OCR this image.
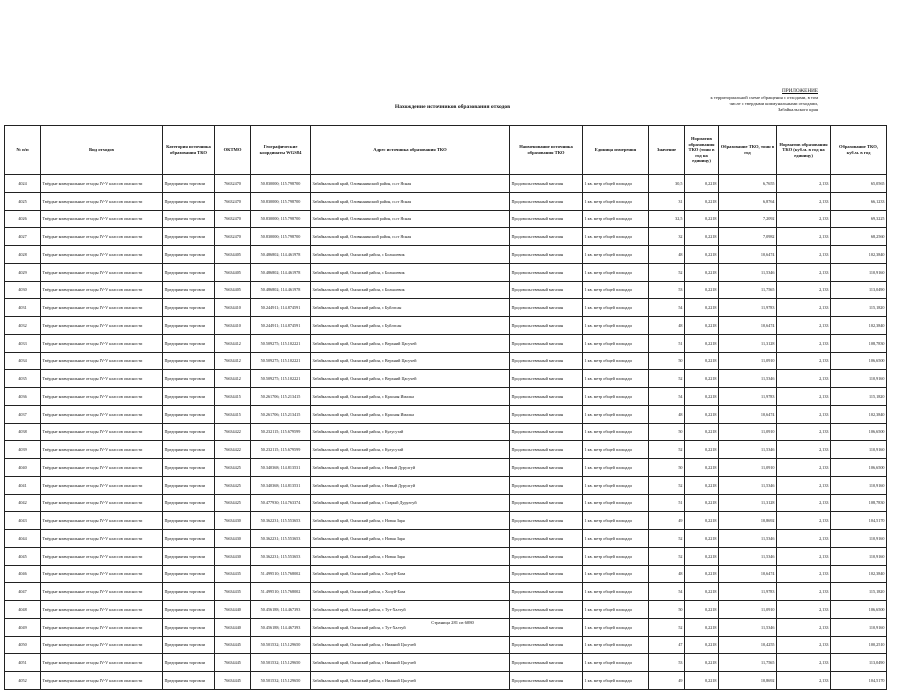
ПРИЛОЖЕНИЕ
к территориальной схеме обращения с отходами, в том
числе с твердыми коммунальными отходами,
Забайкальского края
Нахождение источников образования отходов
№ п/п	Вид отходов	Категория источника образования ТКО	ОКТМО	Географические координаты WGS84	Адрес источника образования ТКО	Наименование источника образования ТКО	Единица измерения	Значение	Норматив образования ТКО (тонн в год на единицу)	Образование ТКО, тонн в год	Норматив образования ТКО (куб.м. в год на единицу)	Образование ТКО, куб.м. в год
4024	Твёрдые коммунальные отходы IV-V классов опасности	Предприятия торговли	76632470	50.830000; 115.798700	Забайкальский край, Оловяннинский район, п.ст Ясная	Продовольственный магазин	1 кв. метр общей площади	30,5	0,2218	6,7655	2,133	65,0565
4025	Твёрдые коммунальные отходы IV-V классов опасности	Предприятия торговли	76632470	50.830000; 115.798700	Забайкальский край, Оловяннинский район, п.ст Ясная	Продовольственный магазин	1 кв. метр общей площади	31	0,2218	6,8764	2,133	66,1233
4026	Твёрдые коммунальные отходы IV-V классов опасности	Предприятия торговли	76632470	50.830000; 115.798700	Забайкальский край, Оловяннинский район, п.ст Ясная	Продовольственный магазин	1 кв. метр общей площади	32,5	0,2218	7,2092	2,133	69,3225
4027	Твёрдые коммунальные отходы IV-V классов опасности	Предприятия торговли	76632470	50.830000; 115.798700	Забайкальский край, Оловяннинский район, п.ст Ясная	Продовольственный магазин	1 кв. метр общей площади	32	0,2218	7,0982	2,133	68,2560
4028	Твёрдые коммунальные отходы IV-V классов опасности	Предприятия торговли	76634405	50.486802; 114.461978	Забайкальский край, Ононский район, с Большевик	Продовольственный магазин	1 кв. метр общей площади	48	0,2218	10,6474	2,133	102,3840
4029	Твёрдые коммунальные отходы IV-V классов опасности	Предприятия торговли	76634405	50.486802; 114.461978	Забайкальский край, Ононский район, с Большевик	Продовольственный магазин	1 кв. метр общей площади	52	0,2218	11,5346	2,133	110,9160
4030	Твёрдые коммунальные отходы IV-V классов опасности	Предприятия торговли	76634405	50.486802; 114.461978	Забайкальский край, Ононский район, с Большевик	Продовольственный магазин	1 кв. метр общей площади	53	0,2218	11,7565	2,133	113,0490
4031	Твёрдые коммунальные отходы IV-V классов опасности	Предприятия торговли	76634410	50.244911; 114.874591	Забайкальский край, Ононский район, с Буйлэсан	Продовольственный магазин	1 кв. метр общей площади	54	0,2218	11,9783	2,133	115,1820
4032	Твёрдые коммунальные отходы IV-V классов опасности	Предприятия торговли	76634410	50.244911; 114.874591	Забайкальский край, Ононский район, с Буйлэсан	Продовольственный магазин	1 кв. метр общей площади	48	0,2218	10,6474	2,133	102,3840
4033	Твёрдые коммунальные отходы IV-V классов опасности	Предприятия торговли	76634412	50.509275; 115.102221	Забайкальский край, Ононский район, с Верхний Цасучей	Продовольственный магазин	1 кв. метр общей площади	51	0,2218	11,3128	2,133	108,7830
4034	Твёрдые коммунальные отходы IV-V классов опасности	Предприятия торговли	76634412	50.509275; 115.102221	Забайкальский край, Ононский район, с Верхний Цасучей	Продовольственный магазин	1 кв. метр общей площади	50	0,2218	11,0910	2,133	106,6500
4035	Твёрдые коммунальные отходы IV-V классов опасности	Предприятия торговли	76634412	50.509275; 115.102221	Забайкальский край, Ононский район, с Верхний Цасучей	Продовольственный магазин	1 кв. метр общей площади	52	0,2218	11,5346	2,133	110,9160
4036	Твёрдые коммунальные отходы IV-V классов опасности	Предприятия торговли	76634415	50.261706; 115.213415	Забайкальский край, Ононский район, с Красная Ималка	Продовольственный магазин	1 кв. метр общей площади	54	0,2218	11,9783	2,133	115,1820
4037	Твёрдые коммунальные отходы IV-V классов опасности	Предприятия торговли	76634415	50.261706; 115.213415	Забайкальский край, Ононский район, с Красная Ималка	Продовольственный магазин	1 кв. метр общей площади	48	0,2218	10,6474	2,133	102,3840
4038	Твёрдые коммунальные отходы IV-V классов опасности	Предприятия торговли	76634422	50.232115; 115.679599	Забайкальский край, Ононский район, с Кулусутай	Продовольственный магазин	1 кв. метр общей площади	50	0,2218	11,0910	2,133	106,6500
4039	Твёрдые коммунальные отходы IV-V классов опасности	Предприятия торговли	76634422	50.232115; 115.679599	Забайкальский край, Ононский район, с Кулусутай	Продовольственный магазин	1 кв. метр общей площади	52	0,2218	11,5346	2,133	110,9160
4040	Твёрдые коммунальные отходы IV-V классов опасности	Предприятия торговли	76634425	50.340368; 114.813531	Забайкальский край, Ононский район, с Новый Дурулгуй	Продовольственный магазин	1 кв. метр общей площади	50	0,2218	11,0910	2,133	106,6500
4041	Твёрдые коммунальные отходы IV-V классов опасности	Предприятия торговли	76634425	50.340368; 114.813531	Забайкальский край, Ононский район, с Новый Дурулгуй	Продовольственный магазин	1 кв. метр общей площади	52	0,2218	11,5346	2,133	110,9160
4042	Твёрдые коммунальные отходы IV-V классов опасности	Предприятия торговли	76634425	50.477930; 114.763374	Забайкальский край, Ононский район, с Старый Дурулгуй	Продовольственный магазин	1 кв. метр общей площади	51	0,2218	11,3128	2,133	108,7830
4043	Твёрдые коммунальные отходы IV-V классов опасности	Предприятия торговли	76634430	50.362231; 115.553653	Забайкальский край, Ононский район, с Новая Заря	Продовольственный магазин	1 кв. метр общей площади	49	0,2218	10,8692	2,133	104,5170
4044	Твёрдые коммунальные отходы IV-V классов опасности	Предприятия торговли	76634430	50.362231; 115.553653	Забайкальский край, Ононский район, с Новая Заря	Продовольственный магазин	1 кв. метр общей площади	52	0,2218	11,5346	2,133	110,9160
4045	Твёрдые коммунальные отходы IV-V классов опасности	Предприятия торговли	76634430	50.362231; 115.553653	Забайкальский край, Ононский район, с Новая Заря	Продовольственный магазин	1 кв. метр общей площади	52	0,2218	11,5346	2,133	110,9160
4046	Твёрдые коммунальные отходы IV-V классов опасности	Предприятия торговли	76634435	51.499510; 115.768002	Забайкальский край, Ононский район, с Холуй-База	Продовольственный магазин	1 кв. метр общей площади	48	0,2218	10,6474	2,133	102,3840
4047	Твёрдые коммунальные отходы IV-V классов опасности	Предприятия торговли	76634435	51.499510; 115.768002	Забайкальский край, Ононский район, с Холуй-База	Продовольственный магазин	1 кв. метр общей площади	54	0,2218	11,9783	2,133	115,1820
4048	Твёрдые коммунальные отходы IV-V классов опасности	Предприятия торговли	76634440	50.456188; 114.467393	Забайкальский край, Ононский район, с Тут-Халтуй	Продовольственный магазин	1 кв. метр общей площади	50	0,2218	11,0910	2,133	106,6500
4049	Твёрдые коммунальные отходы IV-V классов опасности	Предприятия торговли	76634440	50.456188; 114.467393	Забайкальский край, Ононский район, с Тут-Халтуй	Продовольственный магазин	1 кв. метр общей площади	52	0,2218	11,5346	2,133	110,9160
4050	Твёрдые коммунальные отходы IV-V классов опасности	Предприятия торговли	76634445	50.501532; 115.129650	Забайкальский край, Ононский район, с Нижний Цасучей	Продовольственный магазин	1 кв. метр общей площади	47	0,2218	10,4255	2,133	100,2510
4051	Твёрдые коммунальные отходы IV-V классов опасности	Предприятия торговли	76634445	50.501532; 115.129650	Забайкальский край, Ононский район, с Нижний Цасучей	Продовольственный магазин	1 кв. метр общей площади	53	0,2218	11,7565	2,133	113,0490
4052	Твёрдые коммунальные отходы IV-V классов опасности	Предприятия торговли	76634445	50.501532; 115.129650	Забайкальский край, Ононский район, с Нижний Цасучей	Продовольственный магазин	1 кв. метр общей площади	49	0,2218	10,8692	2,133	104,5170
Страница 281 из 6080
